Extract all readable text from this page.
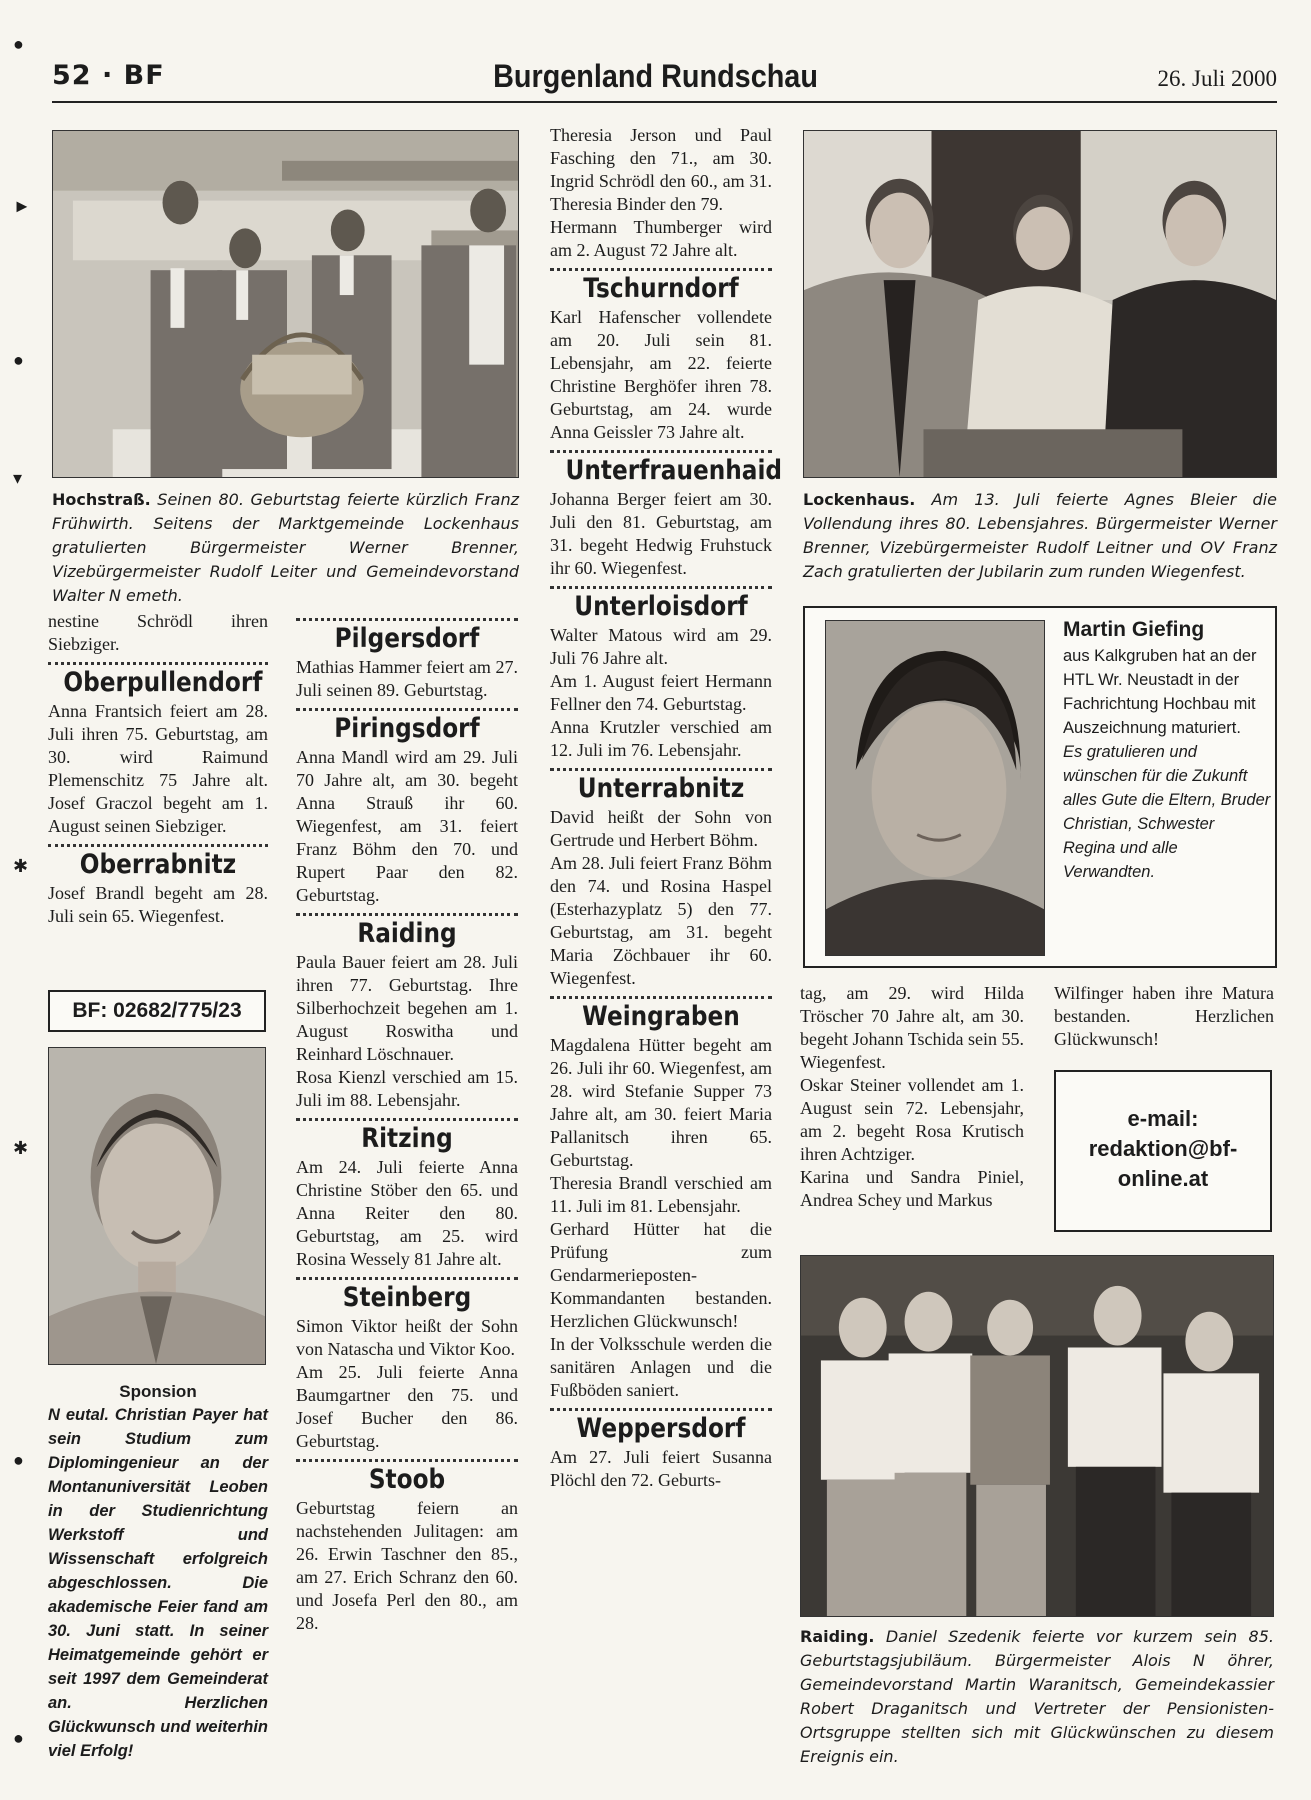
●
►
●
▾
✱
✱
●
●
52 · BF	Burgenland Rundschau	26. Juli 2000
Hochstraß. Seinen 80. Geburtstag feierte kürzlich Franz Frühwirth. Seitens der Marktgemeinde Lockenhaus gratulierten Bürgermeister Werner Brenner, Vizebürgermeister Rudolf Leiter und Gemeindevorstand Walter N emeth.

nestine Schrödl ihren Siebziger.

Oberpullendorf

Anna Frantsich feiert am 28. Juli ihren 75. Geburtstag, am 30. wird Raimund Plemenschitz 75 Jahre alt. Josef Graczol begeht am 1. August seinen Siebziger.

Oberrabnitz

Josef Brandl begeht am 28. Juli sein 65. Wiegenfest.

BF: 02682/775/23
Sponsion

N eutal. Christian Payer hat sein Studium zum Diplomingenieur an der Montanuniversität Leoben in der Studienrichtung Werkstoff und Wissenschaft erfolgreich abgeschlossen. Die akademische Feier fand am 30. Juni statt. In seiner Heimatgemeinde gehört er seit 1997 dem Gemeinderat an. Herzlichen Glückwunsch und weiterhin viel Erfolg!

Pilgersdorf

Mathias Hammer feiert am 27. Juli seinen 89. Geburtstag.

Piringsdorf

Anna Mandl wird am 29. Juli 70 Jahre alt, am 30. begeht Anna Strauß ihr 60. Wiegenfest, am 31. feiert Franz Böhm den 70. und Rupert Paar den 82. Geburtstag.

Raiding

Paula Bauer feiert am 28. Juli ihren 77. Geburtstag. Ihre Silberhochzeit begehen am 1. August Roswitha und Reinhard Löschnauer.

Rosa Kienzl verschied am 15. Juli im 88. Lebensjahr.

Ritzing

Am 24. Juli feierte Anna Christine Stöber den 65. und Anna Reiter den 80. Geburtstag, am 25. wird Rosina Wessely 81 Jahre alt.

Steinberg

Simon Viktor heißt der Sohn von Natascha und Viktor Koo.

Am 25. Juli feierte Anna Baumgartner den 75. und Josef Bucher den 86. Geburtstag.

Stoob

Geburtstag feiern an nachstehenden Julitagen: am 26. Erwin Taschner den 85., am 27. Erich Schranz den 60. und Josefa Perl den 80., am 28.

Theresia Jerson und Paul Fasching den 71., am 30. Ingrid Schrödl den 60., am 31. Theresia Binder den 79.

Hermann Thumberger wird am 2. August 72 Jahre alt.

Tschurndorf

Karl Hafenscher vollendete am 20. Juli sein 81. Lebensjahr, am 22. feierte Christine Berghöfer ihren 78. Geburtstag, am 24. wurde Anna Geissler 73 Jahre alt.

Unterfrauenhaid

Johanna Berger feiert am 30. Juli den 81. Geburtstag, am 31. begeht Hedwig Fruhstuck ihr 60. Wiegenfest.

Unterloisdorf

Walter Matous wird am 29. Juli 76 Jahre alt.

Am 1. August feiert Hermann Fellner den 74. Geburtstag.

Anna Krutzler verschied am 12. Juli im 76. Lebensjahr.

Unterrabnitz

David heißt der Sohn von Gertrude und Herbert Böhm.

Am 28. Juli feiert Franz Böhm den 74. und Rosina Haspel (Esterhazyplatz 5) den 77. Geburtstag, am 31. begeht Maria Zöchbauer ihr 60. Wiegenfest.

Weingraben

Magdalena Hütter begeht am 26. Juli ihr 60. Wiegenfest, am 28. wird Stefanie Supper 73 Jahre alt, am 30. feiert Maria Pallanitsch ihren 65. Geburtstag.

Theresia Brandl verschied am 11. Juli im 81. Lebensjahr.

Gerhard Hütter hat die Prüfung zum Gendarmerieposten-Kommandanten bestanden. Herzlichen Glückwunsch!

In der Volksschule werden die sanitären Anlagen und die Fußböden saniert.

Weppersdorf

Am 27. Juli feiert Susanna Plöchl den 72. Geburts-

Lockenhaus. Am 13. Juli feierte Agnes Bleier die Vollendung ihres 80. Lebensjahres. Bürgermeister Werner Brenner, Vizebürgermeister Rudolf Leitner und OV Franz Zach gratulierten der Jubilarin zum runden Wiegenfest.
Martin Giefing
aus Kalkgruben hat an der HTL Wr. Neustadt in der Fachrichtung Hochbau mit Auszeichnung maturiert.
Es gratulieren und wünschen für die Zukunft alles Gute die Eltern, Bruder Christian, Schwester Regina und alle Verwandten.

tag, am 29. wird Hilda Tröscher 70 Jahre alt, am 30. begeht Johann Tschida sein 55. Wiegenfest.

Oskar Steiner vollendet am 1. August sein 72. Lebensjahr, am 2. begeht Rosa Krutisch ihren Achtziger.

Karina und Sandra Piniel, Andrea Schey und Markus

Wilfinger haben ihre Matura bestanden. Herzlichen Glückwunsch!

e-mail:
redaktion@bf-online.at
Raiding. Daniel Szedenik feierte vor kurzem sein 85. Geburtstagsjubiläum. Bürgermeister Alois N öhrer, Gemeindevorstand Martin Waranitsch, Gemeindekassier Robert Draganitsch und Vertreter der Pensionisten-Ortsgruppe stellten sich mit Glückwünschen zu diesem Ereignis ein.
